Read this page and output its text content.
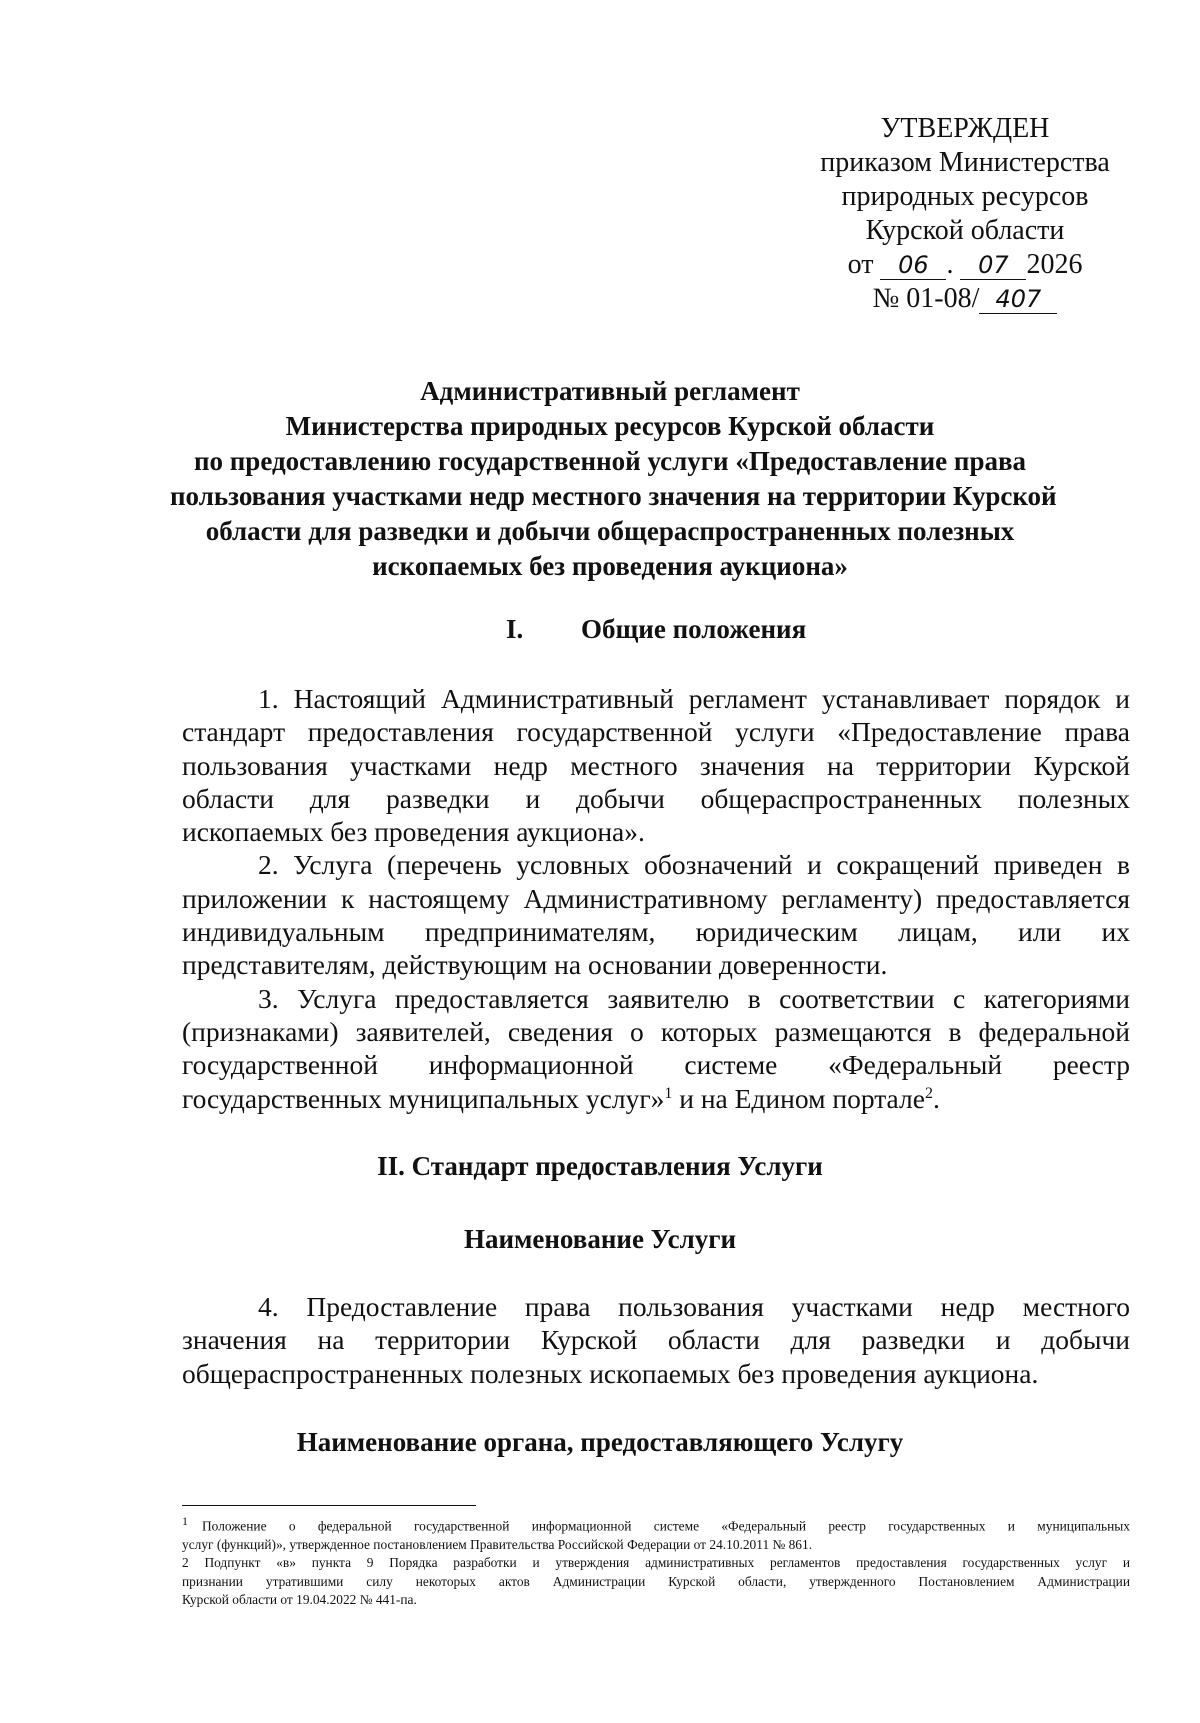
УТВЕРЖДЕН
приказом Министерства
природных ресурсов
Курской области
от 06 . 07 2026
№ 01-08/ 407
Административный регламент
Министерства природных ресурсов Курской области
по предоставлению государственной услуги «Предоставление права
пользования участками недр местного значения на территории Курской
области для разведки и добычи общераспространенных полезных
ископаемых без проведения аукциона»
I. Общие положения
1. Настоящий Административный регламент устанавливает порядок и
стандарт предоставления государственной услуги «Предоставление права
пользования участками недр местного значения на территории Курской
области для разведки и добычи общераспространенных полезных
ископаемых без проведения аукциона».
2. Услуга (перечень условных обозначений и сокращений приведен в
приложении к настоящему Административному регламенту) предоставляется
индивидуальным предпринимателям, юридическим лицам, или их
представителям, действующим на основании доверенности.
3. Услуга предоставляется заявителю в соответствии с категориями
(признаками) заявителей, сведения о которых размещаются в федеральной
государственной информационной системе «Федеральный реестр
государственных муниципальных услуг»$^1$ и на Едином портале$^2$.
II. Стандарт предоставления Услуги
Наименование Услуги
4. Предоставление права пользования участками недр местного
значения на территории Курской области для разведки и добычи
общераспространенных полезных ископаемых без проведения аукциона.
Наименование органа, предоставляющего Услугу
1 Положение о федеральной государственной информационной системе «Федеральный реестр государственных и муниципальных
услуг (функций)», утвержденное постановлением Правительства Российской Федерации от 24.10.2011 № 861.
2 Подпункт «в» пункта 9 Порядка разработки и утверждения административных регламентов предоставления государственных услуг и
признании утратившими силу некоторых актов Администрации Курской области, утвержденного Постановлением Администрации
Курской области от 19.04.2022 № 441-па.
